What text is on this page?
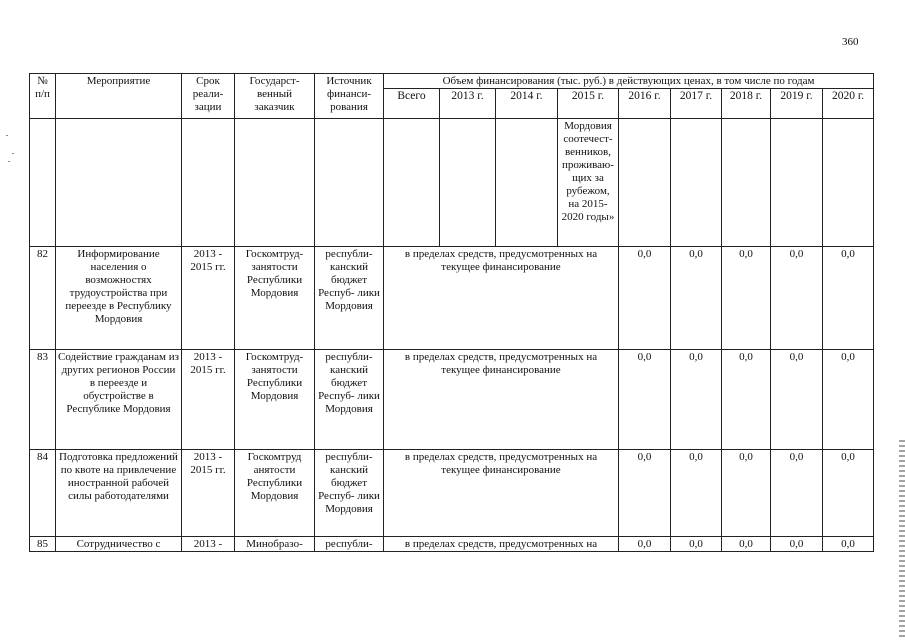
360
№ п/п	Мероприятие	Срок реали- зации	Государст- венный заказчик	Источник финанси- рования	Объем финансирования (тыс. руб.) в действующих ценах, в том числе по годам								
					Всего	2013 г.	2014 г.	2015 г.	2016 г.	2017 г.	2018 г.	2019 г.	2020 г.
								Мордовия соотечест- венников, проживаю- щих за рубежом, на 2015- 2020 годы»					
82	Информирование населения о возможностях трудоустройства при переезде в Республику Мордовия	2013 - 2015 гг.	Госкомтруд- занятости Республики Мордовия	республи- канский бюджет Респуб- лики Мордовия	в пределах средств, предусмотренных на текущее финансирование				0,0	0,0	0,0	0,0	0,0
83	Содействие гражданам из других регионов России в переезде и обустройстве в Республике Мордовия	2013 - 2015 гг.	Госкомтруд- занятости Республики Мордовия	республи- канский бюджет Респуб- лики Мордовия	в пределах средств, предусмотренных на текущее финансирование				0,0	0,0	0,0	0,0	0,0
84	Подготовка предложений по квоте на привлечение иностранной рабочей силы работодателями	2013 - 2015 гг.	Госкомтруд анятости Республики Мордовия	республи- канский бюджет Респуб- лики Мордовия	в пределах средств, предусмотренных на текущее финансирование				0,0	0,0	0,0	0,0	0,0
85	Сотрудничество с	2013 -	Минобразо-	республи-	в пределах средств, предусмотренных на				0,0	0,0	0,0	0,0	0,0
